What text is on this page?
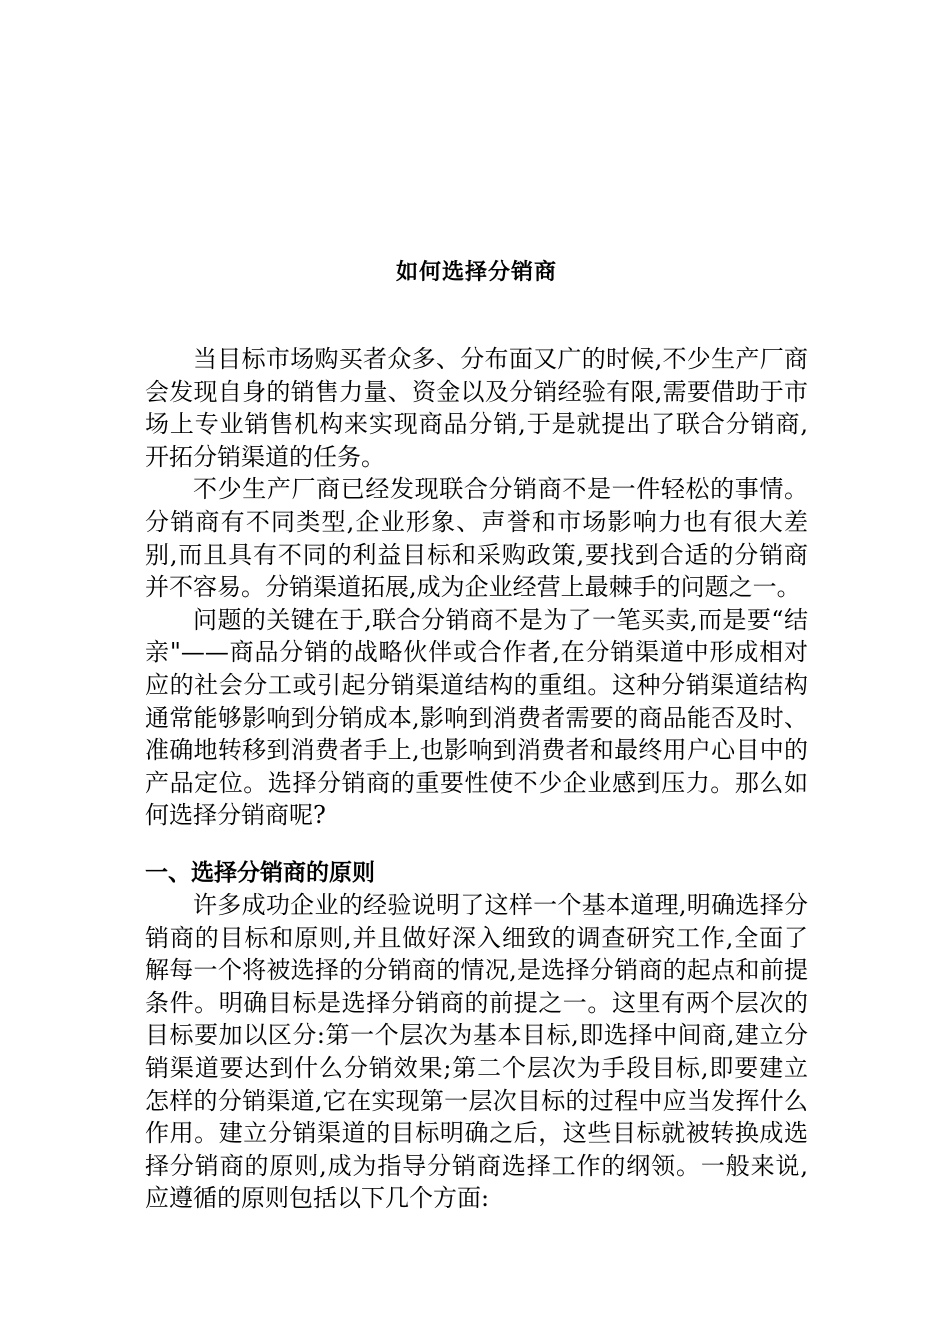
如何选择分销商

当目标市场购买者众多、分布面又广的时候,不少生产厂商会发现自身的销售力量、资金以及分销经验有限,需要借助于市场上专业销售机构来实现商品分销,于是就提出了联合分销商,开拓分销渠道的任务。

不少生产厂商已经发现联合分销商不是一件轻松的事情。分销商有不同类型,企业形象、声誉和市场影响力也有很大差别,而且具有不同的利益目标和采购政策,要找到合适的分销商并不容易。分销渠道拓展,成为企业经营上最棘手的问题之一。

问题的关键在于,联合分销商不是为了一笔买卖,而是要“结亲"——商品分销的战略伙伴或合作者,在分销渠道中形成相对应的社会分工或引起分销渠道结构的重组。这种分销渠道结构通常能够影响到分销成本,影响到消费者需要的商品能否及时、准确地转移到消费者手上,也影响到消费者和最终用户心目中的产品定位。选择分销商的重要性使不少企业感到压力。那么如何选择分销商呢?

一、选择分销商的原则

许多成功企业的经验说明了这样一个基本道理,明确选择分销商的目标和原则,并且做好深入细致的调查研究工作,全面了解每一个将被选择的分销商的情况,是选择分销商的起点和前提条件。明确目标是选择分销商的前提之一。这里有两个层次的目标要加以区分:第一个层次为基本目标,即选择中间商,建立分销渠道要达到什么分销效果;第二个层次为手段目标,即要建立怎样的分销渠道,它在实现第一层次目标的过程中应当发挥什么作用。建立分销渠道的目标明确之后，这些目标就被转换成选择分销商的原则,成为指导分销商选择工作的纲领。一般来说,应遵循的原则包括以下几个方面:
